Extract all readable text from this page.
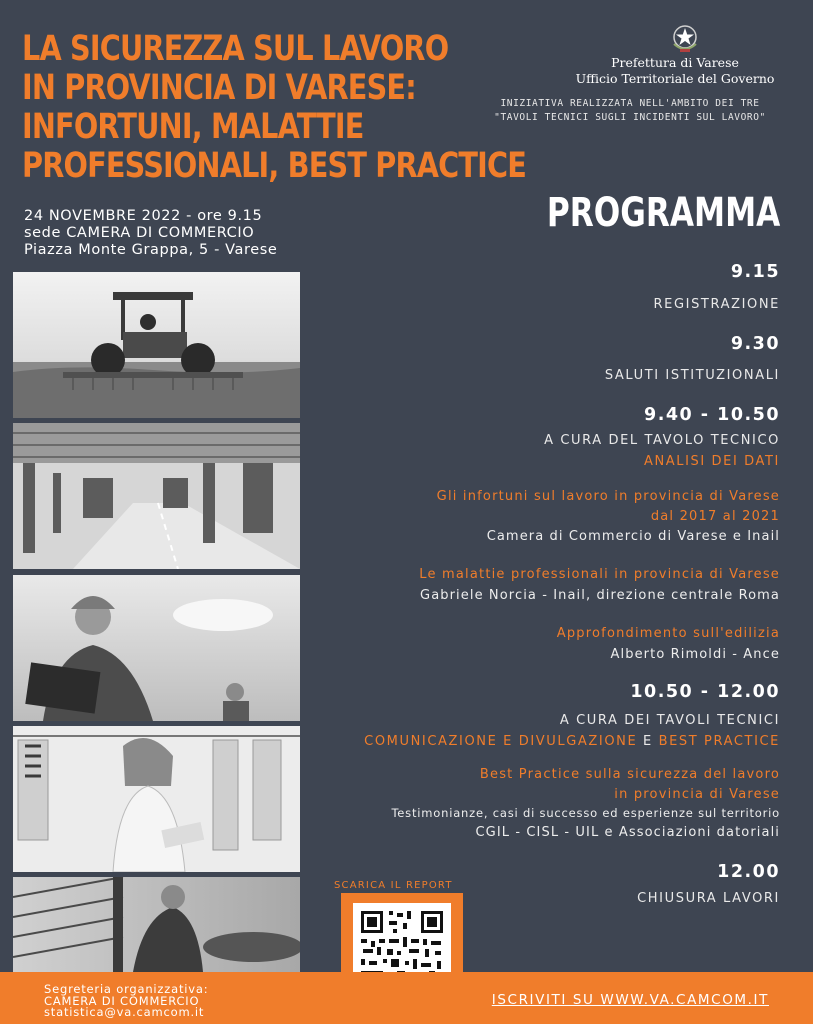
LA SICUREZZA SUL LAVORO
IN PROVINCIA DI VARESE:
INFORTUNI, MALATTIE
PROFESSIONALI, BEST PRACTICE
24 NOVEMBRE 2022 - ore 9.15
sede CAMERA DI COMMERCIO
Piazza Monte Grappa, 5 - Varese
Prefettura di Varese
Ufficio Territoriale del Governo
INIZIATIVA REALIZZATA NELL'AMBITO DEI TRE
"TAVOLI TECNICI SUGLI INCIDENTI SUL LAVORO"
PROGRAMMA
9.15
REGISTRAZIONE
9.30
SALUTI ISTITUZIONALI
9.40 - 10.50
A CURA DEL TAVOLO TECNICO
ANALISI DEI DATI
Gli infortuni sul lavoro in provincia di Varese
dal 2017 al 2021
Camera di Commercio di Varese e Inail
Le malattie professionali in provincia di Varese
Gabriele Norcia - Inail, direzione centrale Roma
Approfondimento sull'edilizia
Alberto Rimoldi - Ance
10.50 - 12.00
A CURA DEI TAVOLI TECNICI
COMUNICAZIONE E DIVULGAZIONE E BEST PRACTICE
Best Practice sulla sicurezza del lavoro
in provincia di Varese
Testimonianze, casi di successo ed esperienze sul territorio
CGIL - CISL - UIL e Associazioni datoriali
12.00
CHIUSURA LAVORI
SCARICA IL REPORT
Segreteria organizzativa:
CAMERA DI COMMERCIO
statistica@va.camcom.it
ISCRIVITI SU WWW.VA.CAMCOM.IT
